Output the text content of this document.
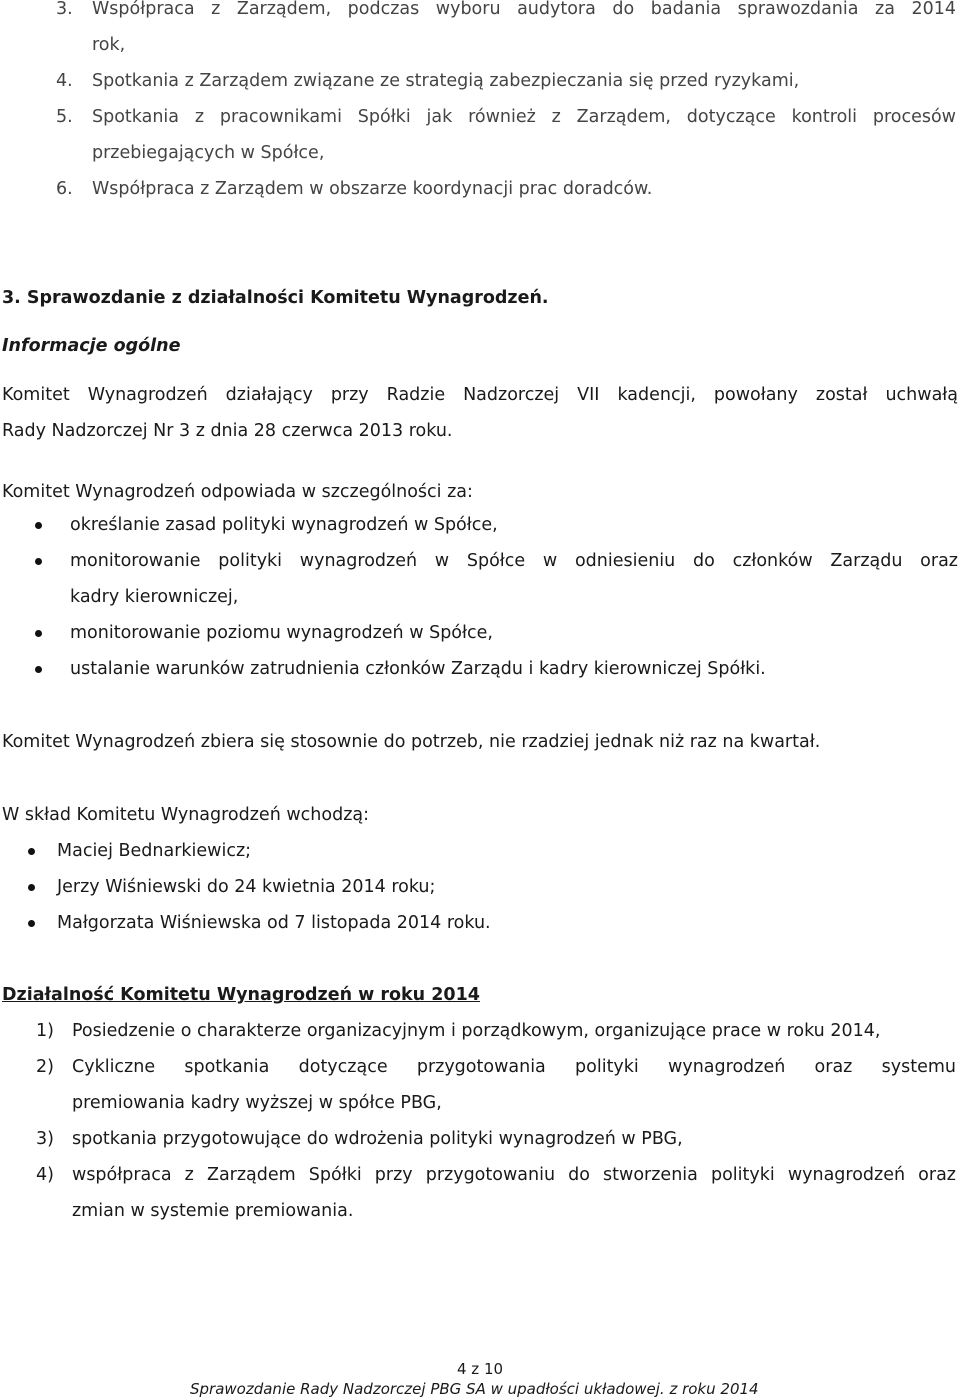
3. Współpraca z Zarządem, podczas wyboru audytora do badania sprawozdania za 2014
rok,
4. Spotkania z Zarządem związane ze strategią zabezpieczania się przed ryzykami,
5. Spotkania z pracownikami Spółki jak również z Zarządem, dotyczące kontroli procesów
przebiegających w Spółce,
6. Współpraca z Zarządem w obszarze koordynacji prac doradców.
3. Sprawozdanie z działalności Komitetu Wynagrodzeń.
Informacje ogólne
Komitet Wynagrodzeń działający przy Radzie Nadzorczej VII kadencji, powołany został uchwałą
Rady Nadzorczej Nr 3 z dnia 28 czerwca 2013 roku.
Komitet Wynagrodzeń odpowiada w szczególności za:
określanie zasad polityki wynagrodzeń w Spółce,
monitorowanie polityki wynagrodzeń w Spółce w odniesieniu do członków Zarządu oraz
kadry kierowniczej,
monitorowanie poziomu wynagrodzeń w Spółce,
ustalanie warunków zatrudnienia członków Zarządu i kadry kierowniczej Spółki.
Komitet Wynagrodzeń zbiera się stosownie do potrzeb, nie rzadziej jednak niż raz na kwartał.
W skład Komitetu Wynagrodzeń wchodzą:
Maciej Bednarkiewicz;
Jerzy Wiśniewski do 24 kwietnia 2014 roku;
Małgorzata Wiśniewska od 7 listopada 2014 roku.
Działalność Komitetu Wynagrodzeń w roku 2014
1) Posiedzenie o charakterze organizacyjnym i porządkowym, organizujące prace w roku 2014,
2) Cykliczne spotkania dotyczące przygotowania polityki wynagrodzeń oraz systemu
premiowania kadry wyższej w spółce PBG,
3) spotkania przygotowujące do wdrożenia polityki wynagrodzeń w PBG,
4) współpraca z Zarządem Spółki przy przygotowaniu do stworzenia polityki wynagrodzeń oraz
zmian w systemie premiowania.
4 z 10
Sprawozdanie Rady Nadzorczej PBG SA w upadłości układowej. z roku 2014
